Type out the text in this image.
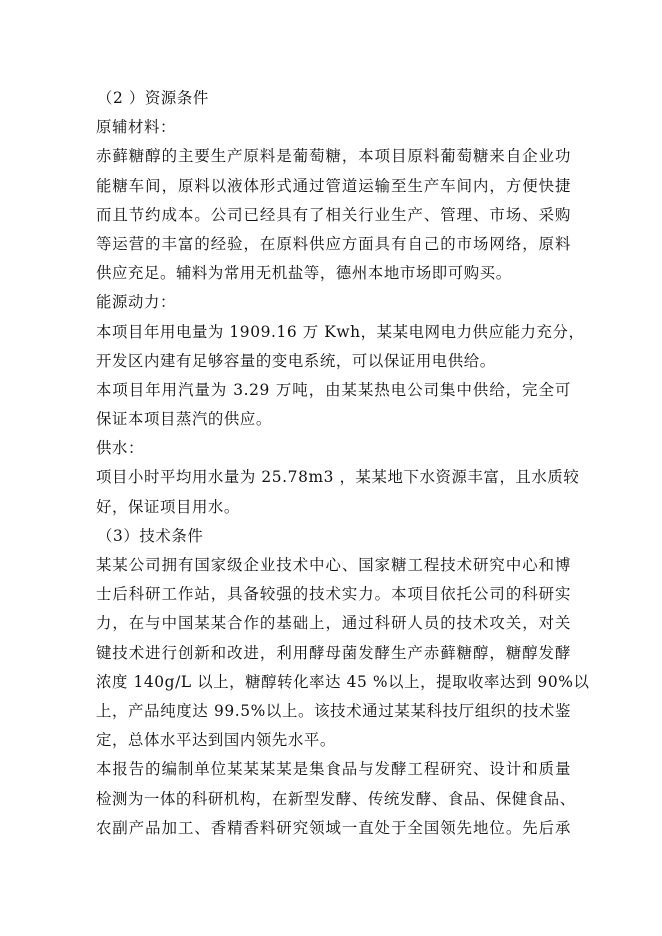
（2 ）资源条件
原辅材料：
赤藓糖醇的主要生产原料是葡萄糖，本项目原料葡萄糖来自企业功
能糖车间，原料以液体形式通过管道运输至生产车间内，方便快捷
而且节约成本。公司已经具有了相关行业生产、管理、市场、采购
等运营的丰富的经验，在原料供应方面具有自己的市场网络，原料
供应充足。辅料为常用无机盐等，德州本地市场即可购买。
能源动力：
本项目年用电量为 1909.16 万 Kwh，某某电网电力供应能力充分，
开发区内建有足够容量的变电系统，可以保证用电供给。
本项目年用汽量为 3.29 万吨，由某某热电公司集中供给，完全可
保证本项目蒸汽的供应。
供水：
项目小时平均用水量为 25.78m3 ，某某地下水资源丰富，且水质较
好，保证项目用水。
（3）技术条件
某某公司拥有国家级企业技术中心、国家糖工程技术研究中心和博
士后科研工作站，具备较强的技术实力。本项目依托公司的科研实
力，在与中国某某合作的基础上，通过科研人员的技术攻关，对关
键技术进行创新和改进，利用酵母菌发酵生产赤藓糖醇，糖醇发酵
浓度 140g/L 以上，糖醇转化率达 45 %以上，提取收率达到 90%以
上，产品纯度达 99.5%以上。该技术通过某某科技厅组织的技术鉴
定，总体水平达到国内领先水平。
本报告的编制单位某某某某是集食品与发酵工程研究、设计和质量
检测为一体的科研机构，在新型发酵、传统发酵、食品、保健食品、
农副产品加工、香精香料研究领域一直处于全国领先地位。先后承
